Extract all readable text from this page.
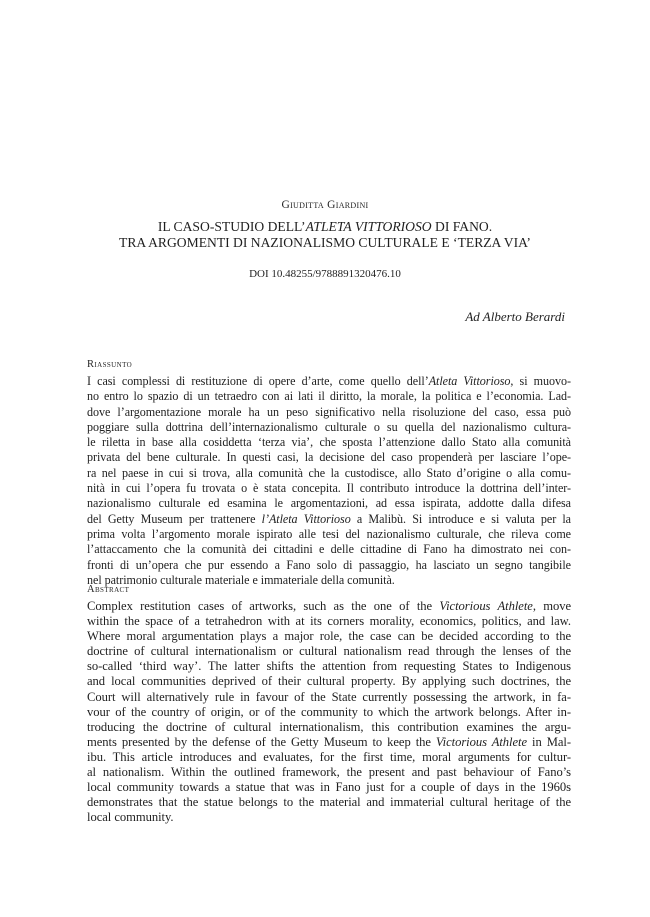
Giuditta Giardini
IL CASO-STUDIO DELL’ATLETA VITTORIOSO DI FANO.
TRA ARGOMENTI DI NAZIONALISMO CULTURALE E ‘TERZA VIA’
DOI 10.48255/9788891320476.10
Ad Alberto Berardi
Riassunto
I casi complessi di restituzione di opere d’arte, come quello dell’Atleta Vittorioso, si muovo-
no entro lo spazio di un tetraedro con ai lati il diritto, la morale, la politica e l’economia. Lad-
dove l’argomentazione morale ha un peso significativo nella risoluzione del caso, essa può
poggiare sulla dottrina dell’internazionalismo culturale o su quella del nazionalismo cultura-
le riletta in base alla cosiddetta ‘terza via’, che sposta l’attenzione dallo Stato alla comunità
privata del bene culturale. In questi casi, la decisione del caso propenderà per lasciare l’ope-
ra nel paese in cui si trova, alla comunità che la custodisce, allo Stato d’origine o alla comu-
nità in cui l’opera fu trovata o è stata concepita. Il contributo introduce la dottrina dell’inter-
nazionalismo culturale ed esamina le argomentazioni, ad essa ispirata, addotte dalla difesa
del Getty Museum per trattenere l’Atleta Vittorioso a Malibù. Si introduce e si valuta per la
prima volta l’argomento morale ispirato alle tesi del nazionalismo culturale, che rileva come
l’attaccamento che la comunità dei cittadini e delle cittadine di Fano ha dimostrato nei con-
fronti di un’opera che pur essendo a Fano solo di passaggio, ha lasciato un segno tangibile
nel patrimonio culturale materiale e immateriale della comunità.
Abstract
Complex restitution cases of artworks, such as the one of the Victorious Athlete, move
within the space of a tetrahedron with at its corners morality, economics, politics, and law.
Where moral argumentation plays a major role, the case can be decided according to the
doctrine of cultural internationalism or cultural nationalism read through the lenses of the
so-called ‘third way’. The latter shifts the attention from requesting States to Indigenous
and local communities deprived of their cultural property. By applying such doctrines, the
Court will alternatively rule in favour of the State currently possessing the artwork, in fa-
vour of the country of origin, or of the community to which the artwork belongs. After in-
troducing the doctrine of cultural internationalism, this contribution examines the argu-
ments presented by the defense of the Getty Museum to keep the Victorious Athlete in Mal-
ibu. This article introduces and evaluates, for the first time, moral arguments for cultur-
al nationalism. Within the outlined framework, the present and past behaviour of Fano’s
local community towards a statue that was in Fano just for a couple of days in the 1960s
demonstrates that the statue belongs to the material and immaterial cultural heritage of the
local community.
